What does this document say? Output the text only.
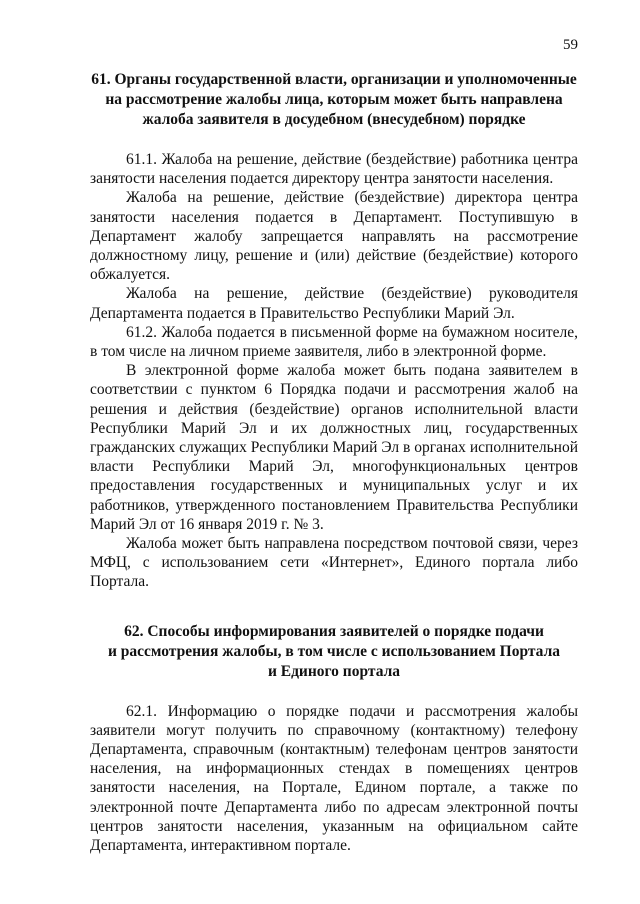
59
61. Органы государственной власти, организации и уполномоченные
на рассмотрение жалобы лица, которым может быть направлена
жалоба заявителя в досудебном (внесудебном) порядке

61.1. Жалоба на решение, действие (бездействие) работника центра занятости населения подается директору центра занятости населения.

Жалоба на решение, действие (бездействие) директора центра занятости населения подается в Департамент. Поступившую в Департамент жалобу запрещается направлять на рассмотрение должностному лицу, решение и (или) действие (бездействие) которого обжалуется.

Жалоба на решение, действие (бездействие) руководителя Департамента подается в Правительство Республики Марий Эл.

61.2. Жалоба подается в письменной форме на бумажном носителе, в том числе на личном приеме заявителя, либо в электронной форме.

В электронной форме жалоба может быть подана заявителем в соответствии с пунктом 6 Порядка подачи и рассмотрения жалоб на решения и действия (бездействие) органов исполнительной власти Республики Марий Эл и их должностных лиц, государственных гражданских служащих Республики Марий Эл в органах исполнительной власти Республики Марий Эл, многофункциональных центров предоставления государственных и муниципальных услуг и их работников, утвержденного постановлением Правительства Республики Марий Эл от 16 января 2019 г. № 3.

Жалоба может быть направлена посредством почтовой связи, через МФЦ, с использованием сети «Интернет», Единого портала либо Портала.

62. Способы информирования заявителей о порядке подачи
и рассмотрения жалобы, в том числе с использованием Портала
и Единого портала

62.1. Информацию о порядке подачи и рассмотрения жалобы заявители могут получить по справочному (контактному) телефону Департамента, справочным (контактным) телефонам центров занятости населения, на информационных стендах в помещениях центров занятости населения, на Портале, Едином портале, а также по электронной почте Департамента либо по адресам электронной почты центров занятости населения, указанным на официальном сайте Департамента, интерактивном портале.
